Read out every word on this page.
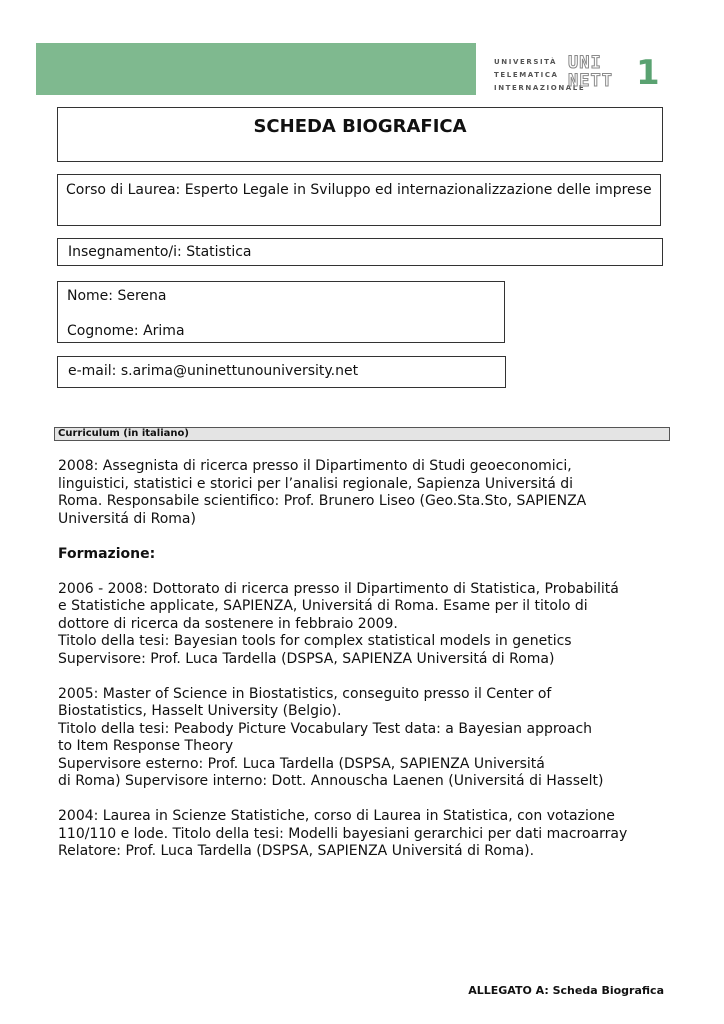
UNIVERSITÀ
TELEMATICA
INTERNAZIONALE
UNI
NETT 1
SCHEDA BIOGRAFICA
Corso di Laurea: Esperto Legale in Sviluppo ed internazionalizzazione delle imprese
Insegnamento/i: Statistica
Nome: Serena
Cognome: Arima
e-mail: s.arima@uninettunouniversity.net
Curriculum (in italiano)

2008: Assegnista di ricerca presso il Dipartimento di Studi geoeconomici,
linguistici, statistici e storici per l’analisi regionale, Sapienza Universitá di
Roma. Responsabile scientifico: Prof. Brunero Liseo (Geo.Sta.Sto, SAPIENZA
Universitá di Roma)

Formazione:

2006 - 2008: Dottorato di ricerca presso il Dipartimento di Statistica, Probabilitá
e Statistiche applicate, SAPIENZA, Universitá di Roma. Esame per il titolo di
dottore di ricerca da sostenere in febbraio 2009.
Titolo della tesi: Bayesian tools for complex statistical models in genetics
Supervisore: Prof. Luca Tardella (DSPSA, SAPIENZA Universitá di Roma)

2005: Master of Science in Biostatistics, conseguito presso il Center of
Biostatistics, Hasselt University (Belgio).
Titolo della tesi: Peabody Picture Vocabulary Test data: a Bayesian approach
to Item Response Theory
Supervisore esterno: Prof. Luca Tardella (DSPSA, SAPIENZA Universitá
di Roma) Supervisore interno: Dott. Annouscha Laenen (Universitá di Hasselt)

2004: Laurea in Scienze Statistiche, corso di Laurea in Statistica, con votazione
110/110 e lode. Titolo della tesi: Modelli bayesiani gerarchici per dati macroarray
Relatore: Prof. Luca Tardella (DSPSA, SAPIENZA Universitá di Roma).

ALLEGATO A: Scheda Biografica
